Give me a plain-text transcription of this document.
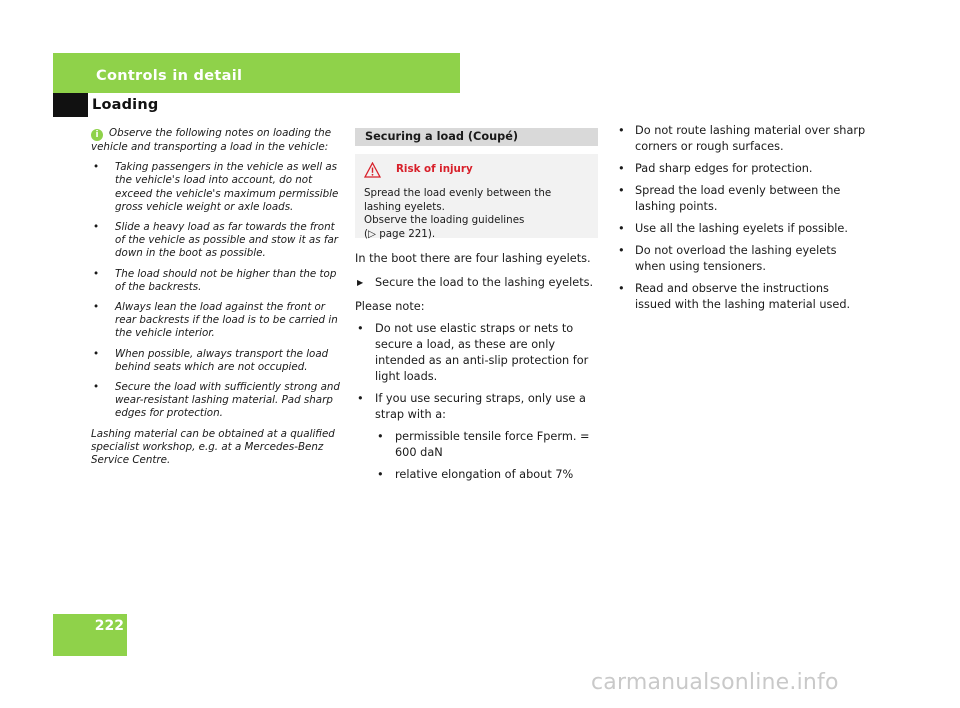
Controls in detail
Loading

i Observe the following notes on loading the vehicle and transporting a load in the vehicle:

• Taking passengers in the vehicle as well as the vehicle's load into account, do not exceed the vehicle's maximum permissible gross vehicle weight or axle loads.
• Slide a heavy load as far towards the front of the vehicle as possible and stow it as far down in the boot as possible.
• The load should not be higher than the top of the backrests.
• Always lean the load against the front or rear backrests if the load is to be carried in the vehicle interior.
• When possible, always transport the load behind seats which are not occupied.
• Secure the load with sufficiently strong and wear-resistant lashing material. Pad sharp edges for protection.

Lashing material can be obtained at a qualified specialist workshop, e.g. at a Mercedes-Benz Service Centre.

Securing a load (Coupé)
Risk of injury
Spread the load evenly between the lashing eyelets.
Observe the loading guidelines
(▷ page 221).

In the boot there are four lashing eyelets.

▶ Secure the load to the lashing eyelets.

Please note:

• Do not use elastic straps or nets to secure a load, as these are only intended as an anti-slip protection for light loads.
• If you use securing straps, only use a strap with a:
• permissible tensile force Fperm. = 600 daN
• relative elongation of about 7%
• Do not route lashing material over sharp corners or rough surfaces.
• Pad sharp edges for protection.
• Spread the load evenly between the lashing points.
• Use all the lashing eyelets if possible.
• Do not overload the lashing eyelets when using tensioners.
• Read and observe the instructions issued with the lashing material used.
222
carmanualsonline.info
